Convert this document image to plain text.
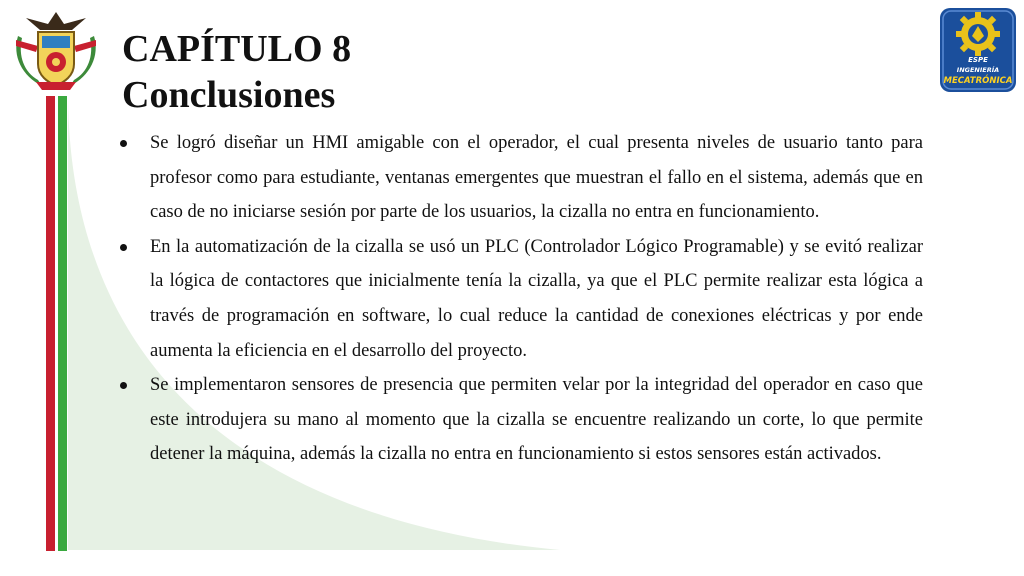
CAPÍTULO 8
Conclusiones
ESPE
INGENIERÍA
MECATRÓNICA
Se logró diseñar un HMI amigable con el operador, el cual presenta niveles de usuario tanto para profesor como para estudiante, ventanas emergentes que muestran el fallo en el sistema, además que en caso de no iniciarse sesión por parte de los usuarios, la cizalla no entra en funcionamiento.
En la automatización de la cizalla se usó un PLC (Controlador Lógico Programable) y se evitó realizar la lógica de contactores que inicialmente tenía la cizalla, ya que el PLC permite realizar esta lógica a través de programación en software, lo cual reduce la cantidad de conexiones eléctricas y por ende aumenta la eficiencia en el desarrollo del proyecto.
Se implementaron sensores de presencia que permiten velar por la integridad del operador en caso que este introdujera su mano al momento que la cizalla se encuentre realizando un corte, lo que permite detener la máquina, además la cizalla no entra en funcionamiento si estos sensores están activados.
